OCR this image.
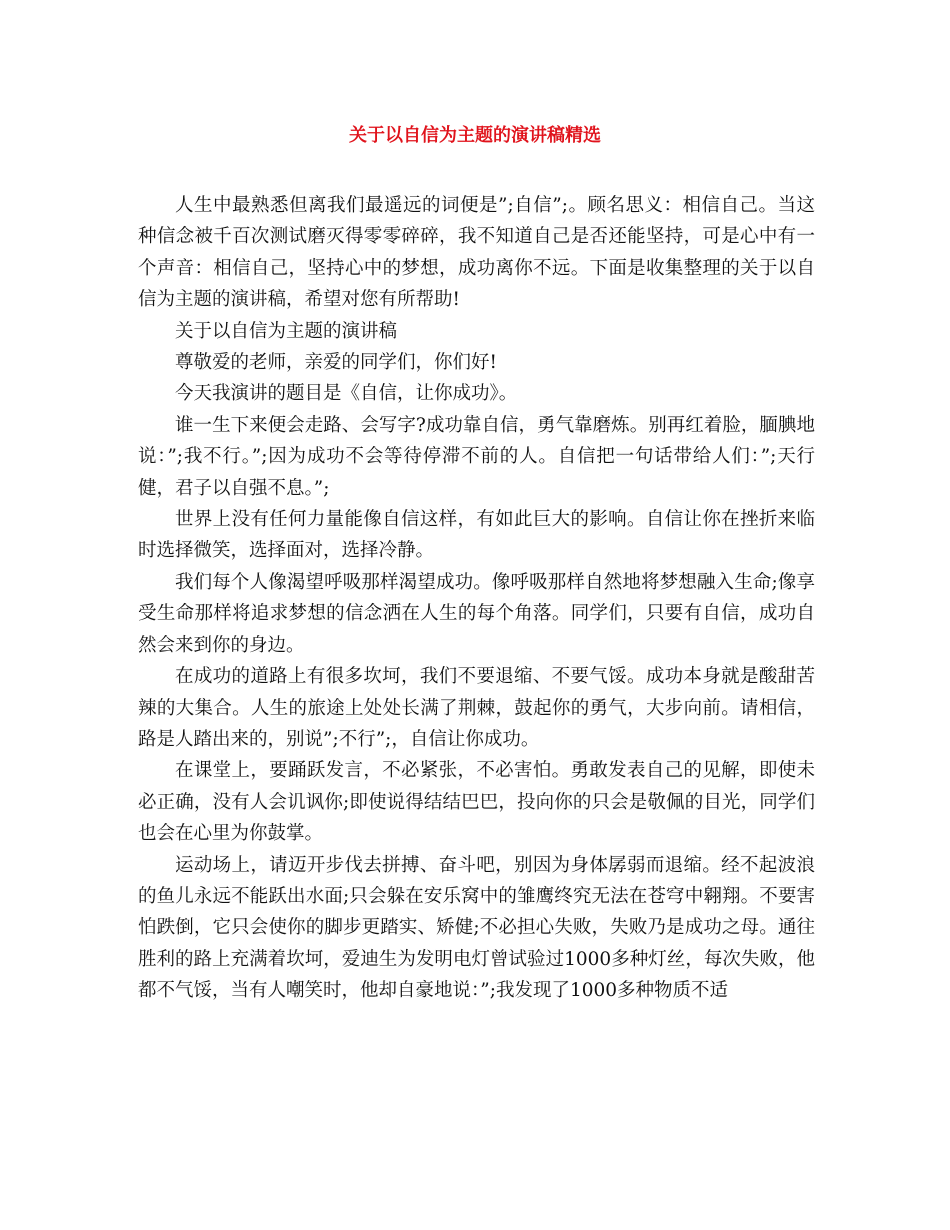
关于以自信为主题的演讲稿精选

人生中最熟悉但离我们最遥远的词便是”;自信”;。顾名思义：相信自己。当这种信念被千百次测试磨灭得零零碎碎，我不知道自己是否还能坚持，可是心中有一个声音：相信自己，坚持心中的梦想，成功离你不远。下面是收集整理的关于以自信为主题的演讲稿，希望对您有所帮助!

关于以自信为主题的演讲稿

尊敬爱的老师，亲爱的同学们，你们好!

今天我演讲的题目是《自信，让你成功》。

谁一生下来便会走路、会写字?成功靠自信，勇气靠磨炼。别再红着脸，腼腆地说：”;我不行。”;因为成功不会等待停滞不前的人。自信把一句话带给人们：”;天行健，君子以自强不息。”;

世界上没有任何力量能像自信这样，有如此巨大的影响。自信让你在挫折来临时选择微笑，选择面对，选择冷静。

我们每个人像渴望呼吸那样渴望成功。像呼吸那样自然地将梦想融入生命;像享受生命那样将追求梦想的信念洒在人生的每个角落。同学们，只要有自信，成功自然会来到你的身边。

在成功的道路上有很多坎坷，我们不要退缩、不要气馁。成功本身就是酸甜苦辣的大集合。人生的旅途上处处长满了荆棘，鼓起你的勇气，大步向前。请相信，路是人踏出来的，别说”;不行”;，自信让你成功。

在课堂上，要踊跃发言，不必紧张，不必害怕。勇敢发表自己的见解，即使未必正确，没有人会讥讽你;即使说得结结巴巴，投向你的只会是敬佩的目光，同学们也会在心里为你鼓掌。

运动场上，请迈开步伐去拼搏、奋斗吧，别因为身体孱弱而退缩。经不起波浪的鱼儿永远不能跃出水面;只会躲在安乐窝中的雏鹰终究无法在苍穹中翱翔。不要害怕跌倒，它只会使你的脚步更踏实、矫健;不必担心失败，失败乃是成功之母。通往胜利的路上充满着坎坷，爱迪生为发明电灯曾试验过1000多种灯丝，每次失败，他都不气馁，当有人嘲笑时，他却自豪地说：”;我发现了1000多种物质不适
